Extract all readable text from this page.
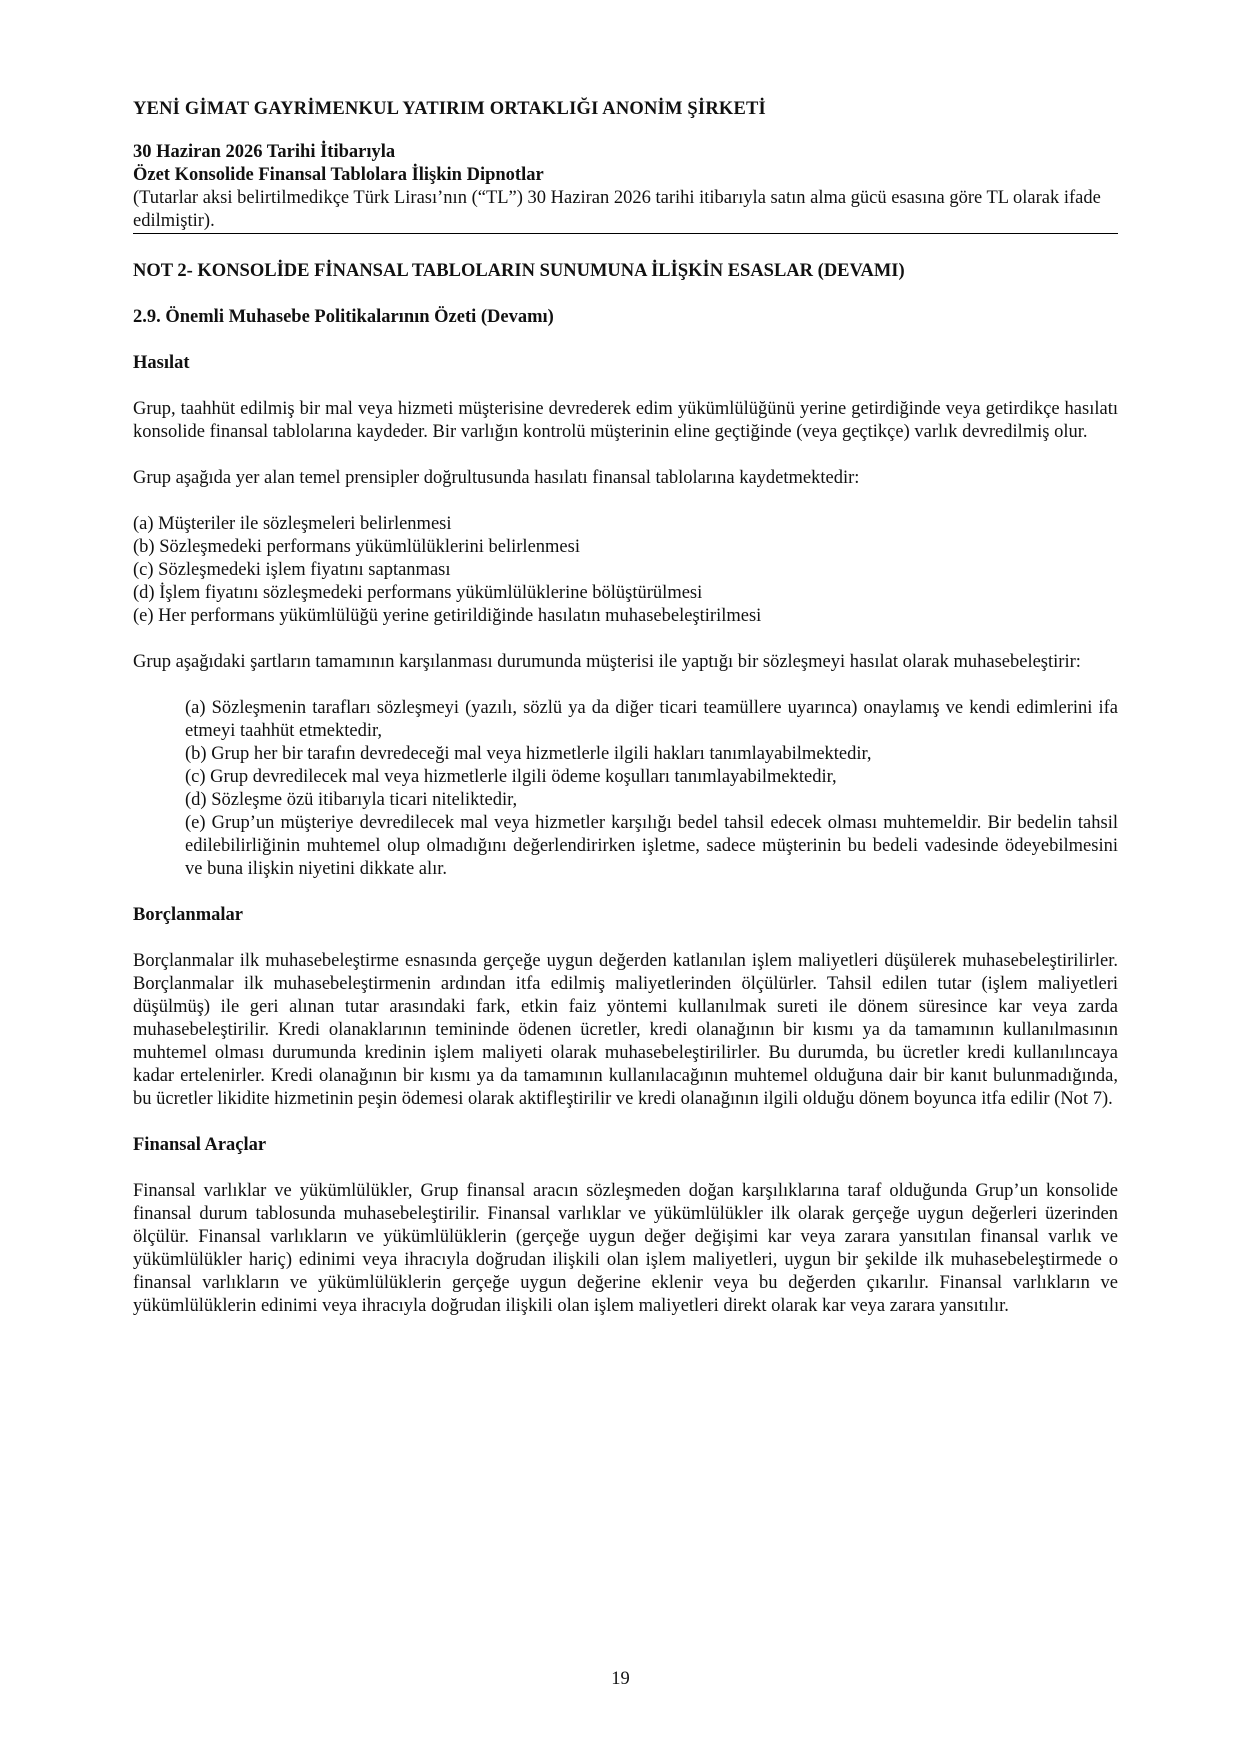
YENİ GİMAT GAYRİMENKUL YATIRIM ORTAKLIĞI ANONİM ŞİRKETİ
30 Haziran 2026 Tarihi İtibarıyla
Özet Konsolide Finansal Tablolara İlişkin Dipnotlar
(Tutarlar aksi belirtilmedikçe Türk Lirası’nın (“TL”) 30 Haziran 2026 tarihi itibarıyla satın alma gücü esasına göre TL olarak ifade edilmiştir).
NOT 2- KONSOLİDE FİNANSAL TABLOLARIN SUNUMUNA İLİŞKİN ESASLAR (DEVAMI)
2.9. Önemli Muhasebe Politikalarının Özeti (Devamı)
Hasılat

Grup, taahhüt edilmiş bir mal veya hizmeti müşterisine devrederek edim yükümlülüğünü yerine getirdiğinde veya getirdikçe hasılatı konsolide finansal tablolarına kaydeder. Bir varlığın kontrolü müşterinin eline geçtiğinde (veya geçtikçe) varlık devredilmiş olur.

Grup aşağıda yer alan temel prensipler doğrultusunda hasılatı finansal tablolarına kaydetmektedir:

(a) Müşteriler ile sözleşmeleri belirlenmesi
(b) Sözleşmedeki performans yükümlülüklerini belirlenmesi
(c) Sözleşmedeki işlem fiyatını saptanması
(d) İşlem fiyatını sözleşmedeki performans yükümlülüklerine bölüştürülmesi
(e) Her performans yükümlülüğü yerine getirildiğinde hasılatın muhasebeleştirilmesi

Grup aşağıdaki şartların tamamının karşılanması durumunda müşterisi ile yaptığı bir sözleşmeyi hasılat olarak muhasebeleştirir:

(a) Sözleşmenin tarafları sözleşmeyi (yazılı, sözlü ya da diğer ticari teamüllere uyarınca) onaylamış ve kendi edimlerini ifa etmeyi taahhüt etmektedir,
(b) Grup her bir tarafın devredeceği mal veya hizmetlerle ilgili hakları tanımlayabilmektedir,
(c) Grup devredilecek mal veya hizmetlerle ilgili ödeme koşulları tanımlayabilmektedir,
(d) Sözleşme özü itibarıyla ticari niteliktedir,
(e) Grup’un müşteriye devredilecek mal veya hizmetler karşılığı bedel tahsil edecek olması muhtemeldir. Bir bedelin tahsil edilebilirliğinin muhtemel olup olmadığını değerlendirirken işletme, sadece müşterinin bu bedeli vadesinde ödeyebilmesini ve buna ilişkin niyetini dikkate alır.
Borçlanmalar

Borçlanmalar ilk muhasebeleştirme esnasında gerçeğe uygun değerden katlanılan işlem maliyetleri düşülerek muhasebeleştirilirler. Borçlanmalar ilk muhasebeleştirmenin ardından itfa edilmiş maliyetlerinden ölçülürler. Tahsil edilen tutar (işlem maliyetleri düşülmüş) ile geri alınan tutar arasındaki fark, etkin faiz yöntemi kullanılmak sureti ile dönem süresince kar veya zarda muhasebeleştirilir. Kredi olanaklarının temininde ödenen ücretler, kredi olanağının bir kısmı ya da tamamının kullanılmasının muhtemel olması durumunda kredinin işlem maliyeti olarak muhasebeleştirilirler. Bu durumda, bu ücretler kredi kullanılıncaya kadar ertelenirler. Kredi olanağının bir kısmı ya da tamamının kullanılacağının muhtemel olduğuna dair bir kanıt bulunmadığında, bu ücretler likidite hizmetinin peşin ödemesi olarak aktifleştirilir ve kredi olanağının ilgili olduğu dönem boyunca itfa edilir (Not 7).

Finansal Araçlar

Finansal varlıklar ve yükümlülükler, Grup finansal aracın sözleşmeden doğan karşılıklarına taraf olduğunda Grup’un konsolide finansal durum tablosunda muhasebeleştirilir. Finansal varlıklar ve yükümlülükler ilk olarak gerçeğe uygun değerleri üzerinden ölçülür. Finansal varlıkların ve yükümlülüklerin (gerçeğe uygun değer değişimi kar veya zarara yansıtılan finansal varlık ve yükümlülükler hariç) edinimi veya ihracıyla doğrudan ilişkili olan işlem maliyetleri, uygun bir şekilde ilk muhasebeleştirmede o finansal varlıkların ve yükümlülüklerin gerçeğe uygun değerine eklenir veya bu değerden çıkarılır. Finansal varlıkların ve yükümlülüklerin edinimi veya ihracıyla doğrudan ilişkili olan işlem maliyetleri direkt olarak kar veya zarara yansıtılır.

19
